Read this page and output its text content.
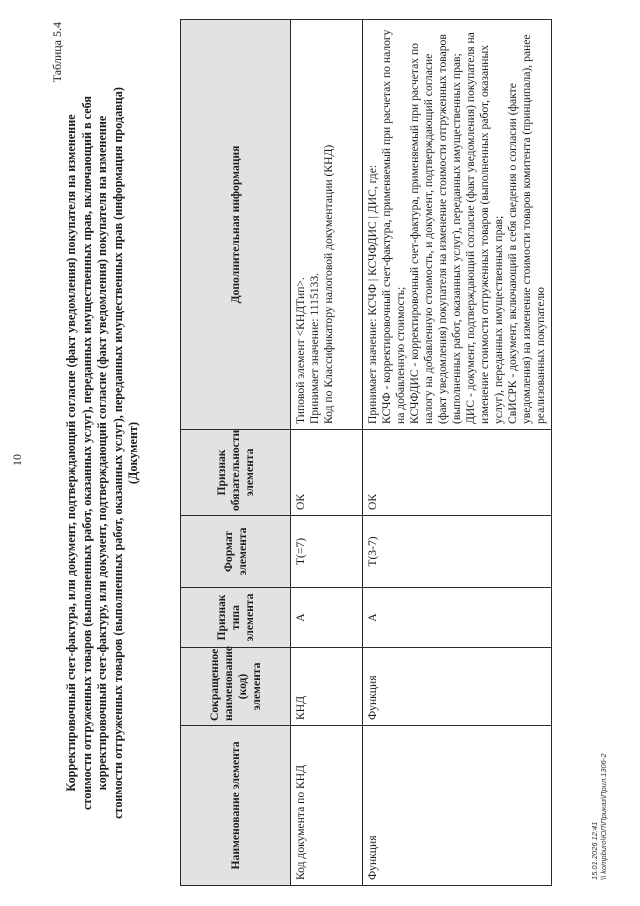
10
Таблица 5.4
Корректировочный счет-фактура, или документ, подтверждающий согласие (факт уведомления) покупателя на изменение стоимости отгруженных товаров (выполненных работ, оказанных услуг), переданных имущественных прав, включающий в себя корректировочный счет-фактуру, или документ, подтверждающий согласие (факт уведомления) покупателя на изменение стоимости отгруженных товаров (выполненных работ, оказанных услуг), переданных имущественных прав (информация продавца) (Документ)
Наименование элемента	Сокращенное наименование (код) элемента	Признак типа элемента	Формат элемента	Признак обязательности элемента	Дополнительная информация
Код документа по КНД	КНД	А	Т(=7)	ОК	Типовой элемент <КНДТип>. Принимает значение: 1115133. Код по Классификатору налоговой документации (КНД)

Функция	Функция	А	Т(3-7)	ОК	Принимает значение: КСЧФ | КСЧФДИС | ДИС, где: КСЧФ - корректировочный счет-фактура, применяемый при расчетах по налогу на добавленную стоимость; КСЧФДИС - корректировочный счет-фактура, применяемый при расчетах по налогу на добавленную стоимость, и документ, подтверждающий согласие (факт уведомления) покупателя на изменение стоимости отгруженных товаров (выполненных работ, оказанных услуг), переданных имущественных прав; ДИС - документ, подтверждающий согласие (факт уведомления) покупателя на изменение стоимости отгруженных товаров (выполненных работ, оказанных услуг), переданных имущественных прав; СвИСРК - документ, включающий в себя сведения о согласии (факте уведомления) на изменение стоимости товаров комитента (принципала), ранее реализованных покупателю
15.01.2026 12:41 \\ kompburo\ЮЛ\Приказ\Прил.1306-2
